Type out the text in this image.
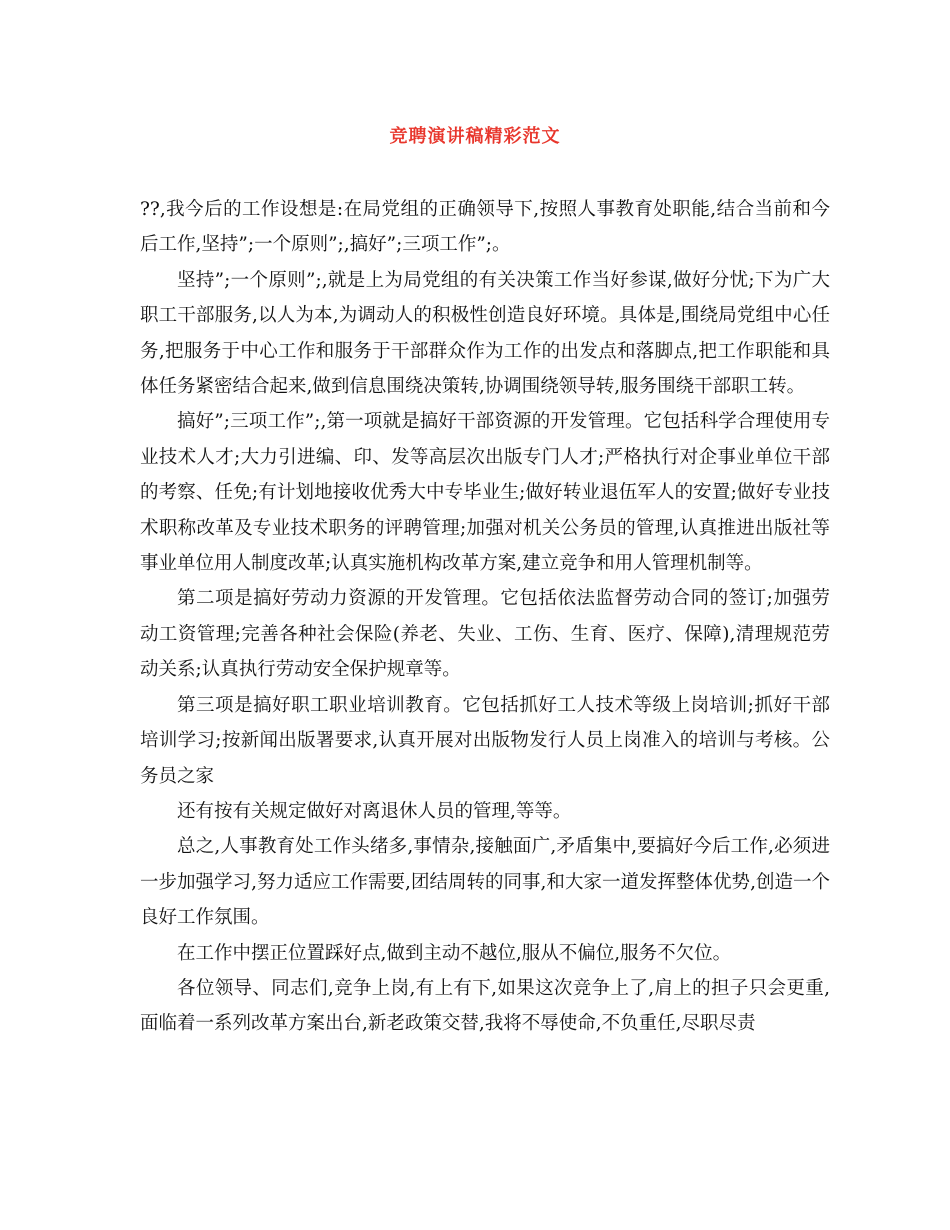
竞聘演讲稿精彩范文

??,我今后的工作设想是:在局党组的正确领导下,按照人事教育处职能,结合当前和今后工作,坚持”;一个原则”;,搞好”;三项工作”;。

坚持”;一个原则”;,就是上为局党组的有关决策工作当好参谋,做好分忧;下为广大职工干部服务,以人为本,为调动人的积极性创造良好环境。具体是,围绕局党组中心任务,把服务于中心工作和服务于干部群众作为工作的出发点和落脚点,把工作职能和具体任务紧密结合起来,做到信息围绕决策转,协调围绕领导转,服务围绕干部职工转。

搞好”;三项工作”;,第一项就是搞好干部资源的开发管理。它包括科学合理使用专业技术人才;大力引进编、印、发等高层次出版专门人才;严格执行对企事业单位干部的考察、任免;有计划地接收优秀大中专毕业生;做好转业退伍军人的安置;做好专业技术职称改革及专业技术职务的评聘管理;加强对机关公务员的管理,认真推进出版社等事业单位用人制度改革;认真实施机构改革方案,建立竞争和用人管理机制等。

第二项是搞好劳动力资源的开发管理。它包括依法监督劳动合同的签订;加强劳动工资管理;完善各种社会保险(养老、失业、工伤、生育、医疗、保障),清理规范劳动关系;认真执行劳动安全保护规章等。

第三项是搞好职工职业培训教育。它包括抓好工人技术等级上岗培训;抓好干部培训学习;按新闻出版署要求,认真开展对出版物发行人员上岗准入的培训与考核。公务员之家

还有按有关规定做好对离退休人员的管理,等等。

总之,人事教育处工作头绪多,事情杂,接触面广,矛盾集中,要搞好今后工作,必须进一步加强学习,努力适应工作需要,团结周转的同事,和大家一道发挥整体优势,创造一个良好工作氛围。

在工作中摆正位置踩好点,做到主动不越位,服从不偏位,服务不欠位。

各位领导、同志们,竞争上岗,有上有下,如果这次竞争上了,肩上的担子只会更重,面临着一系列改革方案出台,新老政策交替,我将不辱使命,不负重任,尽职尽责
